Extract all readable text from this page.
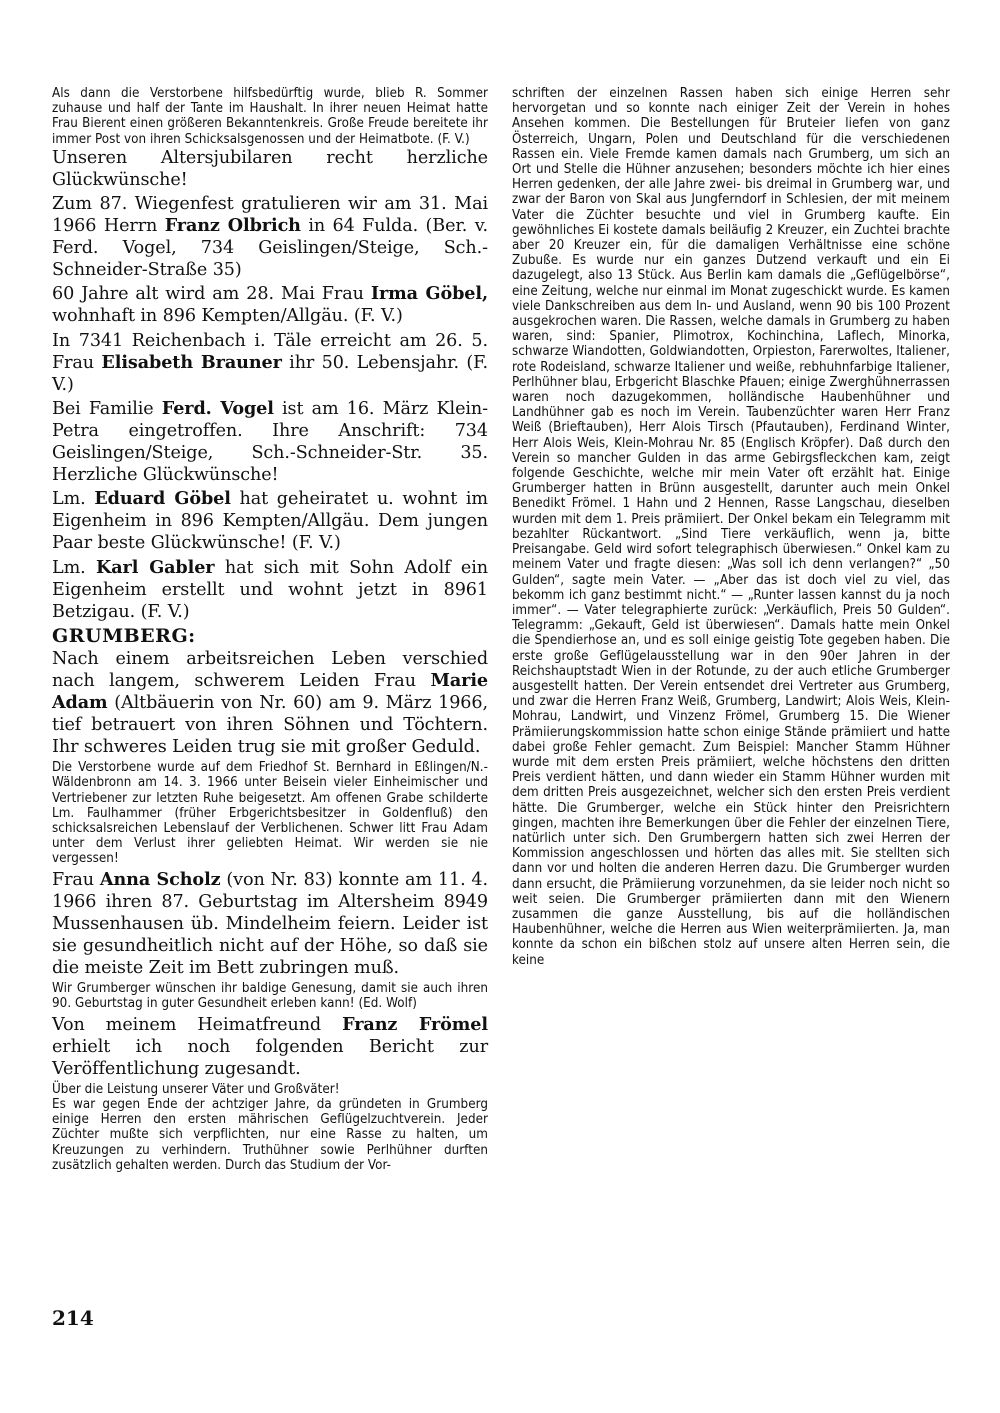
Als dann die Verstorbene hilfsbedürftig wurde, blieb R. Sommer zuhause und half der Tante im Haushalt. In ihrer neuen Heimat hatte Frau Bierent einen größeren Bekanntenkreis. Große Freude bereitete ihr immer Post von ihren Schicksalsgenossen und der Heimatbote. (F. V.)

Unseren Altersjubilaren recht herzliche Glückwünsche!

Zum 87. Wiegenfest gratulieren wir am 31. Mai 1966 Herrn Franz Olbrich in 64 Fulda. (Ber. v. Ferd. Vogel, 734 Geislingen/Steige, Sch.-Schneider-Straße 35)

60 Jahre alt wird am 28. Mai Frau Irma Göbel, wohnhaft in 896 Kempten/Allgäu. (F. V.)

In 7341 Reichenbach i. Täle erreicht am 26. 5. Frau Elisabeth Brauner ihr 50. Lebensjahr. (F. V.)

Bei Familie Ferd. Vogel ist am 16. März Klein-Petra eingetroffen. Ihre Anschrift: 734 Geislingen/Steige, Sch.-Schneider-Str. 35. Herzliche Glückwünsche!

Lm. Eduard Göbel hat geheiratet u. wohnt im Eigenheim in 896 Kempten/Allgäu. Dem jungen Paar beste Glückwünsche! (F. V.)

Lm. Karl Gabler hat sich mit Sohn Adolf ein Eigenheim erstellt und wohnt jetzt in 8961 Betzigau. (F. V.)

GRUMBERG:

Nach einem arbeitsreichen Leben verschied nach langem, schwerem Leiden Frau Marie Adam (Altbäuerin von Nr. 60) am 9. März 1966, tief betrauert von ihren Söhnen und Töchtern. Ihr schweres Leiden trug sie mit großer Geduld.

Die Verstorbene wurde auf dem Friedhof St. Bernhard in Eßlingen/N.-Wäldenbronn am 14. 3. 1966 unter Beisein vieler Einheimischer und Vertriebener zur letzten Ruhe beigesetzt. Am offenen Grabe schilderte Lm. Faulhammer (früher Erbgerichtsbesitzer in Goldenfluß) den schicksalsreichen Lebenslauf der Verblichenen. Schwer litt Frau Adam unter dem Verlust ihrer geliebten Heimat. Wir werden sie nie vergessen!

Frau Anna Scholz (von Nr. 83) konnte am 11. 4. 1966 ihren 87. Geburtstag im Altersheim 8949 Mussenhausen üb. Mindelheim feiern. Leider ist sie gesundheitlich nicht auf der Höhe, so daß sie die meiste Zeit im Bett zubringen muß.

Wir Grumberger wünschen ihr baldige Genesung, damit sie auch ihren 90. Geburtstag in guter Gesundheit erleben kann! (Ed. Wolf)

Von meinem Heimatfreund Franz Frömel erhielt ich noch folgenden Bericht zur Veröffentlichung zugesandt.

Über die Leistung unserer Väter und Großväter!

Es war gegen Ende der achtziger Jahre, da gründeten in Grumberg einige Herren den ersten mährischen Geflügelzuchtverein. Jeder Züchter mußte sich verpflichten, nur eine Rasse zu halten, um Kreuzungen zu verhindern. Truthühner sowie Perlhühner durften zusätzlich gehalten werden. Durch das Studium der Vor-

schriften der einzelnen Rassen haben sich einige Herren sehr hervorgetan und so konnte nach einiger Zeit der Verein in hohes Ansehen kommen. Die Bestellungen für Bruteier liefen von ganz Österreich, Ungarn, Polen und Deutschland für die verschiedenen Rassen ein. Viele Fremde kamen damals nach Grumberg, um sich an Ort und Stelle die Hühner anzusehen; besonders möchte ich hier eines Herren gedenken, der alle Jahre zwei- bis dreimal in Grumberg war, und zwar der Baron von Skal aus Jungferndorf in Schlesien, der mit meinem Vater die Züchter besuchte und viel in Grumberg kaufte. Ein gewöhnliches Ei kostete damals beiläufig 2 Kreuzer, ein Zuchtei brachte aber 20 Kreuzer ein, für die damaligen Verhältnisse eine schöne Zubuße. Es wurde nur ein ganzes Dutzend verkauft und ein Ei dazugelegt, also 13 Stück. Aus Berlin kam damals die „Geflügelbörse“, eine Zeitung, welche nur einmal im Monat zugeschickt wurde. Es kamen viele Dankschreiben aus dem In- und Ausland, wenn 90 bis 100 Prozent ausgekrochen waren. Die Rassen, welche damals in Grumberg zu haben waren, sind: Spanier, Plimotrox, Kochinchina, Laflech, Minorka, schwarze Wiandotten, Goldwiandotten, Orpieston, Farerwoltes, Italiener, rote Rodeisland, schwarze Italiener und weiße, rebhuhnfarbige Italiener, Perlhühner blau, Erbgericht Blaschke Pfauen; einige Zwerghühnerrassen waren noch dazugekommen, holländische Haubenhühner und Landhühner gab es noch im Verein. Taubenzüchter waren Herr Franz Weiß (Brieftauben), Herr Alois Tirsch (Pfautauben), Ferdinand Winter, Herr Alois Weis, Klein-Mohrau Nr. 85 (Englisch Kröpfer). Daß durch den Verein so mancher Gulden in das arme Gebirgsfleckchen kam, zeigt folgende Geschichte, welche mir mein Vater oft erzählt hat. Einige Grumberger hatten in Brünn ausgestellt, darunter auch mein Onkel Benedikt Frömel. 1 Hahn und 2 Hennen, Rasse Langschau, dieselben wurden mit dem 1. Preis prämiiert. Der Onkel bekam ein Telegramm mit bezahlter Rückantwort. „Sind Tiere verkäuflich, wenn ja, bitte Preisangabe. Geld wird sofort telegraphisch überwiesen.“ Onkel kam zu meinem Vater und fragte diesen: „Was soll ich denn verlangen?“ „50 Gulden“, sagte mein Vater. — „Aber das ist doch viel zu viel, das bekomm ich ganz bestimmt nicht.“ — „Runter lassen kannst du ja noch immer“. — Vater telegraphierte zurück: „Verkäuflich, Preis 50 Gulden“. Telegramm: „Gekauft, Geld ist überwiesen“. Damals hatte mein Onkel die Spendierhose an, und es soll einige geistig Tote gegeben haben. Die erste große Geflügelausstellung war in den 90er Jahren in der Reichshauptstadt Wien in der Rotunde, zu der auch etliche Grumberger ausgestellt hatten. Der Verein entsendet drei Vertreter aus Grumberg, und zwar die Herren Franz Weiß, Grumberg, Landwirt; Alois Weis, Klein-Mohrau, Landwirt, und Vinzenz Frömel, Grumberg 15. Die Wiener Prämiierungskommission hatte schon einige Stände prämiiert und hatte dabei große Fehler gemacht. Zum Beispiel: Mancher Stamm Hühner wurde mit dem ersten Preis prämiiert, welche höchstens den dritten Preis verdient hätten, und dann wieder ein Stamm Hühner wurden mit dem dritten Preis ausgezeichnet, welcher sich den ersten Preis verdient hätte. Die Grumberger, welche ein Stück hinter den Preisrichtern gingen, machten ihre Bemerkungen über die Fehler der einzelnen Tiere, natürlich unter sich. Den Grumbergern hatten sich zwei Herren der Kommission angeschlossen und hörten das alles mit. Sie stellten sich dann vor und holten die anderen Herren dazu. Die Grumberger wurden dann ersucht, die Prämiierung vorzunehmen, da sie leider noch nicht so weit seien. Die Grumberger prämiierten dann mit den Wienern zusammen die ganze Ausstellung, bis auf die holländischen Haubenhühner, welche die Herren aus Wien weiterprämiierten. Ja, man konnte da schon ein bißchen stolz auf unsere alten Herren sein, die keine

214
